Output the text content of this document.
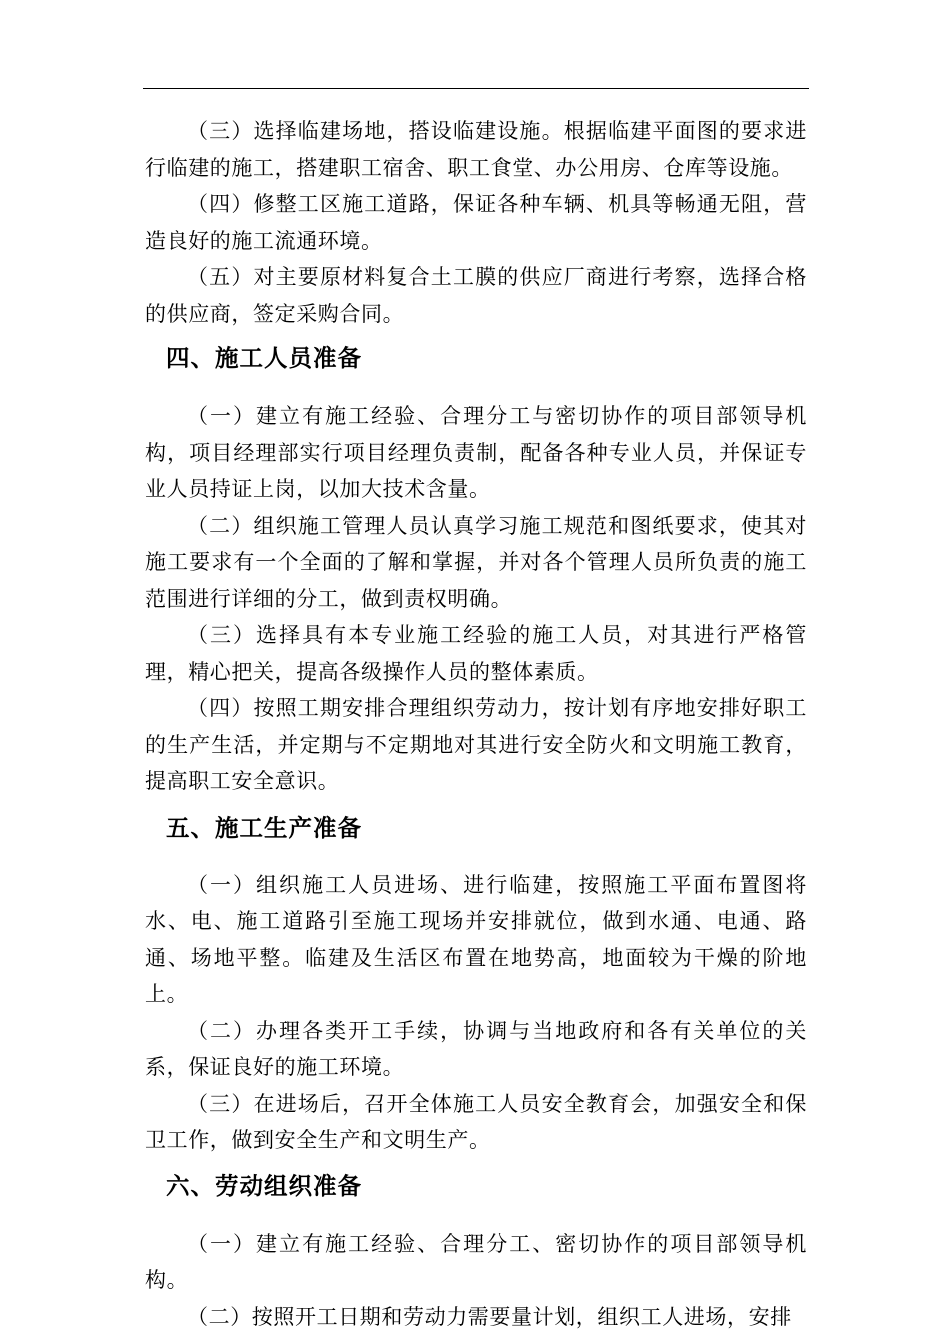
（三）选择临建场地，搭设临建设施。根据临建平面图的要求进行临建的施工，搭建职工宿舍、职工食堂、办公用房、仓库等设施。

（四）修整工区施工道路，保证各种车辆、机具等畅通无阻，营造良好的施工流通环境。

（五）对主要原材料复合土工膜的供应厂商进行考察，选择合格的供应商，签定采购合同。

四、施工人员准备

（一）建立有施工经验、合理分工与密切协作的项目部领导机构，项目经理部实行项目经理负责制，配备各种专业人员，并保证专业人员持证上岗，以加大技术含量。

（二）组织施工管理人员认真学习施工规范和图纸要求，使其对施工要求有一个全面的了解和掌握，并对各个管理人员所负责的施工范围进行详细的分工，做到责权明确。

（三）选择具有本专业施工经验的施工人员，对其进行严格管理，精心把关，提高各级操作人员的整体素质。

（四）按照工期安排合理组织劳动力，按计划有序地安排好职工的生产生活，并定期与不定期地对其进行安全防火和文明施工教育，提高职工安全意识。

五、施工生产准备

（一）组织施工人员进场、进行临建，按照施工平面布置图将水、电、施工道路引至施工现场并安排就位，做到水通、电通、路通、场地平整。临建及生活区布置在地势高，地面较为干燥的阶地上。

（二）办理各类开工手续，协调与当地政府和各有关单位的关系，保证良好的施工环境。

（三）在进场后，召开全体施工人员安全教育会，加强安全和保卫工作，做到安全生产和文明生产。

六、劳动组织准备

（一）建立有施工经验、合理分工、密切协作的项目部领导机构。

（二）按照开工日期和劳动力需要量计划，组织工人进场，安排
